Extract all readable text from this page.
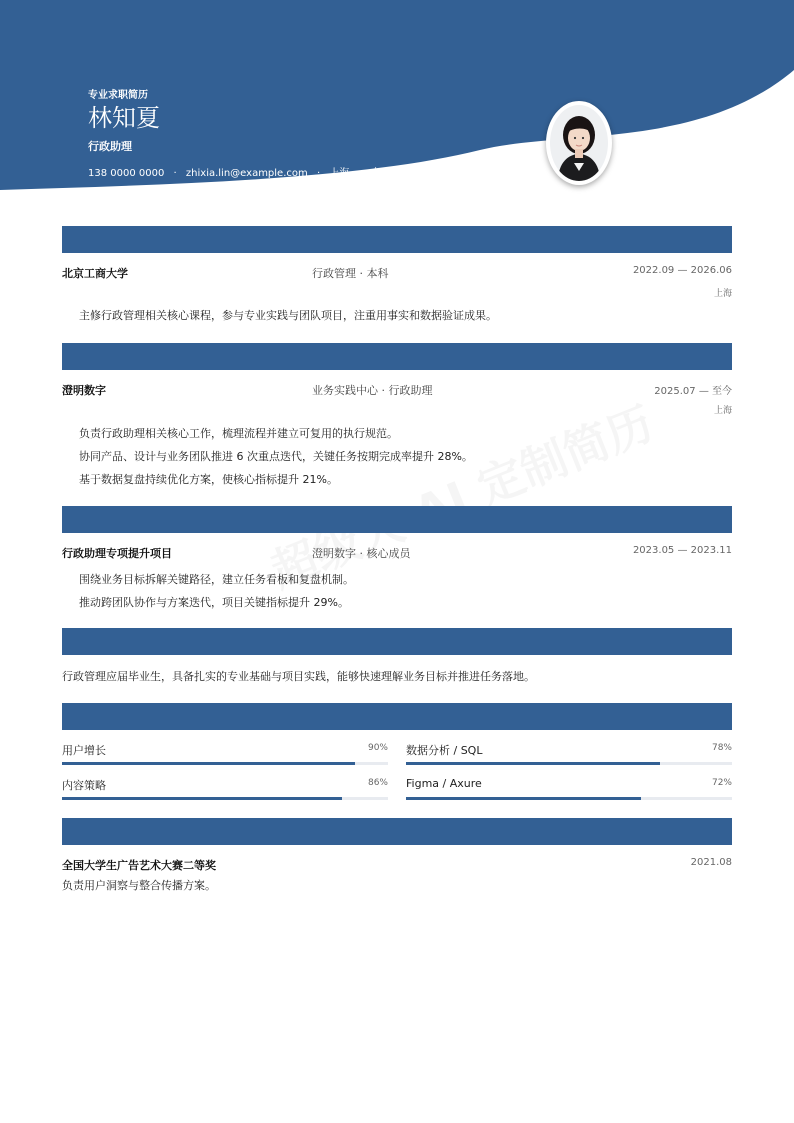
专业求职简历
林知夏
行政助理
138 0000 0000 · zhixia.lin@example.com · 上海 · 女 · 25 岁
北京工商大学	行政管理 · 本科	2022.09 — 2026.06
上海
主修行政管理相关核心课程，参与专业实践与团队项目，注重用事实和数据验证成果。
澄明数字	业务实践中心 · 行政助理	2025.07 — 至今
上海
负责行政助理相关核心工作，梳理流程并建立可复用的执行规范。
协同产品、设计与业务团队推进 6 次重点迭代，关键任务按期完成率提升 28%。
基于数据复盘持续优化方案，使核心指标提升 21%。
行政助理专项提升项目	澄明数字 · 核心成员	2023.05 — 2023.11
围绕业务目标拆解关键路径，建立任务看板和复盘机制。
推动跨团队协作与方案迭代，项目关键指标提升 29%。
行政管理应届毕业生，具备扎实的专业基础与项目实践，能够快速理解业务目标并推进任务落地。
用户增长	90% 数据分析 / SQL	78%
内容策略	86% Figma / Axure	72%
全国大学生广告艺术大赛二等奖	2021.08
负责用户洞察与整合传播方案。
